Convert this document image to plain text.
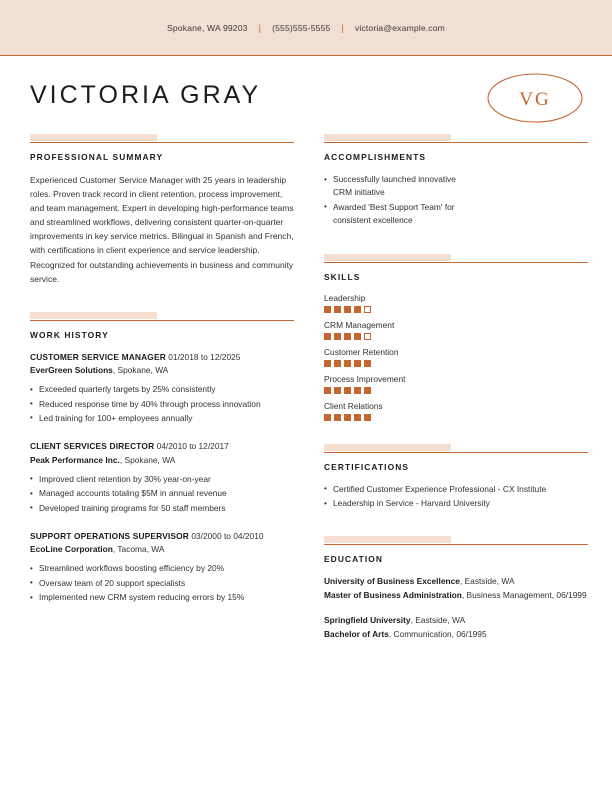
Spokane, WA 99203 | (555)555-5555 | victoria@example.com
VICTORIA GRAY	VG
PROFESSIONAL SUMMARY
Experienced Customer Service Manager with 25 years in leadership roles. Proven track record in client retention, process improvement, and team management. Expert in developing high-performance teams and streamlined workflows, delivering consistent quarter-on-quarter improvements in key service metrics. Bilingual in Spanish and French, with certifications in client experience and service leadership. Recognized for outstanding achievements in business and community service.
WORK HISTORY
CUSTOMER SERVICE MANAGER 01/2018 to 12/2025
EverGreen Solutions, Spokane, WA
• Exceeded quarterly targets by 25% consistently
• Reduced response time by 40% through process innovation
• Led training for 100+ employees annually
CLIENT SERVICES DIRECTOR 04/2010 to 12/2017
Peak Performance Inc., Spokane, WA
• Improved client retention by 30% year-on-year
• Managed accounts totaling $5M in annual revenue
• Developed training programs for 50 staff members
SUPPORT OPERATIONS SUPERVISOR 03/2000 to 04/2010
EcoLine Corporation, Tacoma, WA
• Streamlined workflows boosting efficiency by 20%
• Oversaw team of 20 support specialists
• Implemented new CRM system reducing errors by 15%
ACCOMPLISHMENTS
• Successfully launched innovative CRM initiative
• Awarded 'Best Support Team' for consistent excellence
SKILLS
Leadership
CRM Management
Customer Retention
Process Improvement
Client Relations
CERTIFICATIONS
• Certified Customer Experience Professional - CX Institute
• Leadership in Service - Harvard University
EDUCATION
University of Business Excellence, Eastside, WA
Master of Business Administration, Business Management, 06/1999
Springfield University, Eastside, WA
Bachelor of Arts, Communication, 06/1995
